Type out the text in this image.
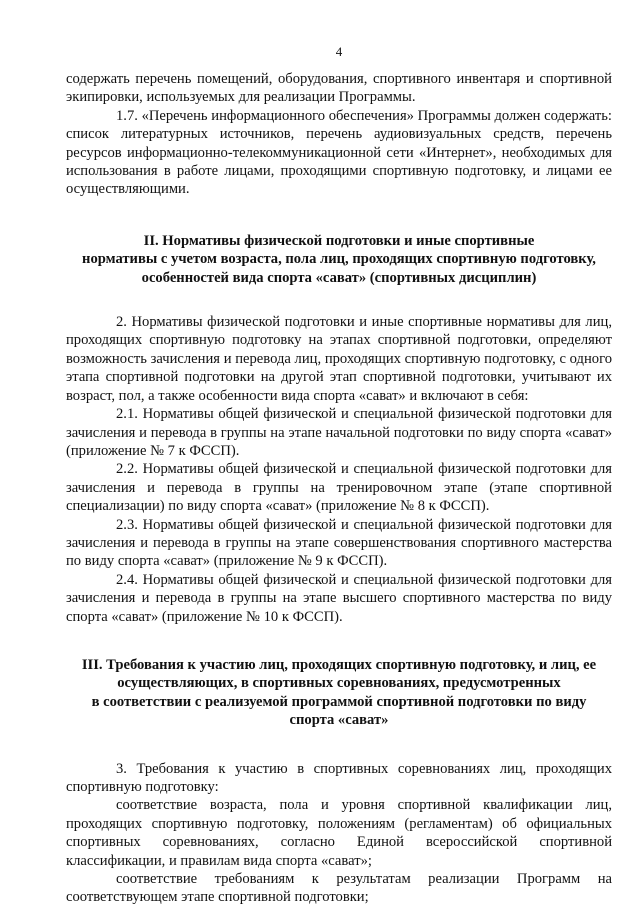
4

содержать перечень помещений, оборудования, спортивного инвентаря и спортивной экипировки, используемых для реализации Программы.

1.7. «Перечень информационного обеспечения» Программы должен содержать: список литературных источников, перечень аудиовизуальных средств, перечень ресурсов информационно-телекоммуникационной сети «Интернет», необходимых для использования в работе лицами, проходящими спортивную подготовку, и лицами ее осуществляющими.

II. Нормативы физической подготовки и иные спортивные
нормативы с учетом возраста, пола лиц, проходящих спортивную подготовку,
особенностей вида спорта «сават» (спортивных дисциплин)

2. Нормативы физической подготовки и иные спортивные нормативы для лиц, проходящих спортивную подготовку на этапах спортивной подготовки, определяют возможность зачисления и перевода лиц, проходящих спортивную подготовку, с одного этапа спортивной подготовки на другой этап спортивной подготовки, учитывают их возраст, пол, а также особенности вида спорта «сават» и включают в себя:

2.1. Нормативы общей физической и специальной физической подготовки для зачисления и перевода в группы на этапе начальной подготовки по виду спорта «сават» (приложение № 7 к ФССП).

2.2. Нормативы общей физической и специальной физической подготовки для зачисления и перевода в группы на тренировочном этапе (этапе спортивной специализации) по виду спорта «сават» (приложение № 8 к ФССП).

2.3. Нормативы общей физической и специальной физической подготовки для зачисления и перевода в группы на этапе совершенствования спортивного мастерства по виду спорта «сават» (приложение № 9 к ФССП).

2.4. Нормативы общей физической и специальной физической подготовки для зачисления и перевода в группы на этапе высшего спортивного мастерства по виду спорта «сават» (приложение № 10 к ФССП).

III. Требования к участию лиц, проходящих спортивную подготовку, и лиц, ее
осуществляющих, в спортивных соревнованиях, предусмотренных
в соответствии с реализуемой программой спортивной подготовки по виду
спорта «сават»

3. Требования к участию в спортивных соревнованиях лиц, проходящих спортивную подготовку:

соответствие возраста, пола и уровня спортивной квалификации лиц, проходящих спортивную подготовку, положениям (регламентам) об официальных спортивных соревнованиях, согласно Единой всероссийской спортивной классификации, и правилам вида спорта «сават»;

соответствие требованиям к результатам реализации Программ на соответствующем этапе спортивной подготовки;
